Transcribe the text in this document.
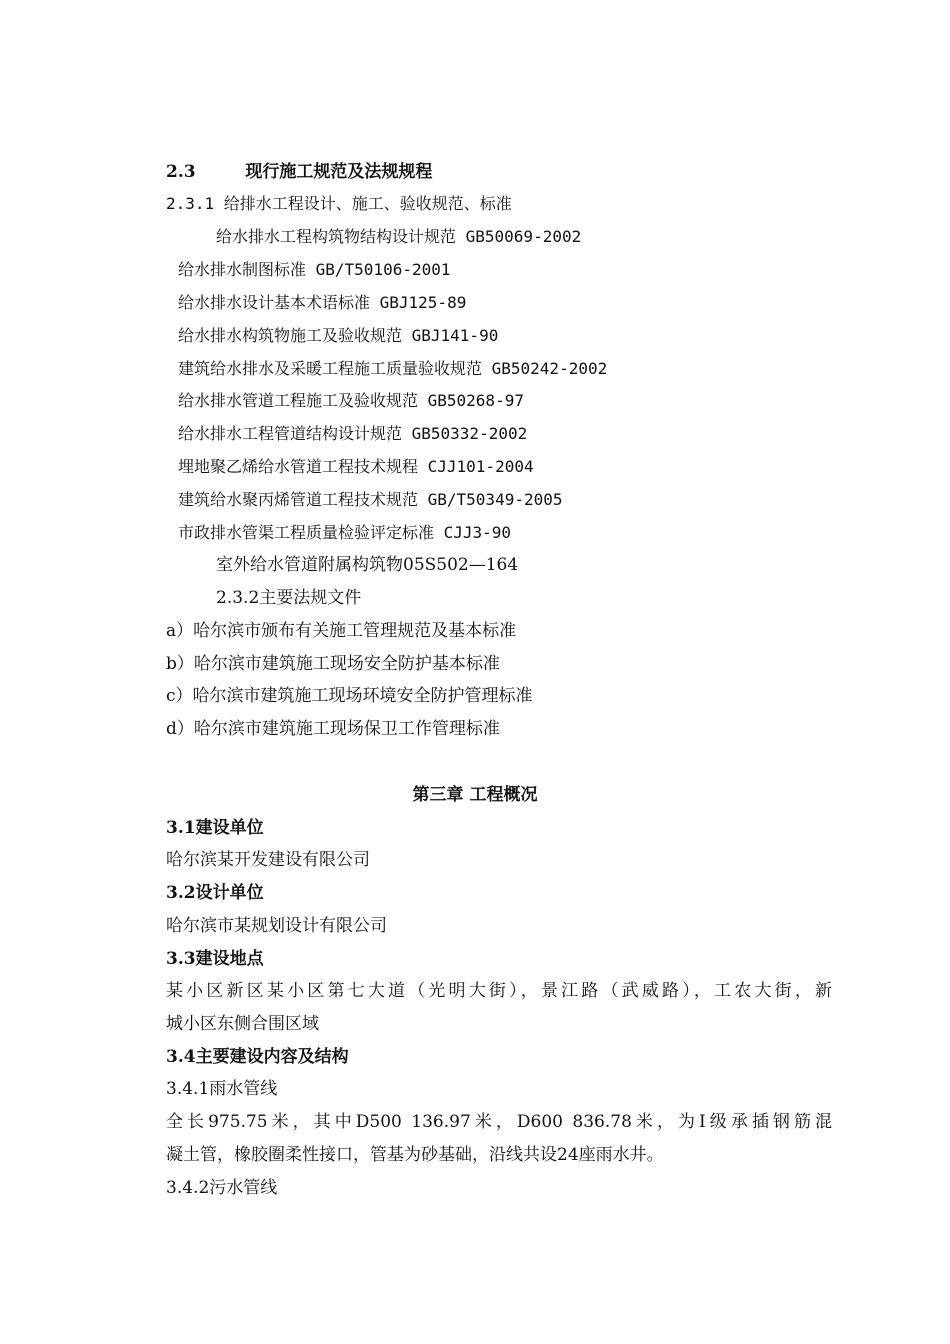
2.3	现行施工规范及法规规程
2.3.1 给排水工程设计、施工、验收规范、标准
给水排水工程构筑物结构设计规范 GB50069-2002
给水排水制图标准 GB/T50106-2001
给水排水设计基本术语标准 GBJ125-89
给水排水构筑物施工及验收规范 GBJ141-90
建筑给水排水及采暖工程施工质量验收规范 GB50242-2002
给水排水管道工程施工及验收规范 GB50268-97
给水排水工程管道结构设计规范 GB50332-2002
埋地聚乙烯给水管道工程技术规程 CJJ101-2004
建筑给水聚丙烯管道工程技术规范 GB/T50349-2005
市政排水管渠工程质量检验评定标准 CJJ3-90
室外给水管道附属构筑物05S502—164
2.3.2主要法规文件
a）哈尔滨市颁布有关施工管理规范及基本标准
b）哈尔滨市建筑施工现场安全防护基本标准
c）哈尔滨市建筑施工现场环境安全防护管理标准
d）哈尔滨市建筑施工现场保卫工作管理标准
第三章 工程概况
3.1建设单位
哈尔滨某开发建设有限公司
3.2设计单位
哈尔滨市某规划设计有限公司
3.3建设地点
某小区新区某小区第七大道（光明大街），景江路（武威路），工农大街，新
城小区东侧合围区域
3.4主要建设内容及结构
3.4.1雨水管线
全长975.75米，其中D500 136.97米，D600 836.78米，为Ⅰ级承插钢筋混
凝土管，橡胶圈柔性接口，管基为砂基础，沿线共设24座雨水井。
3.4.2污水管线
